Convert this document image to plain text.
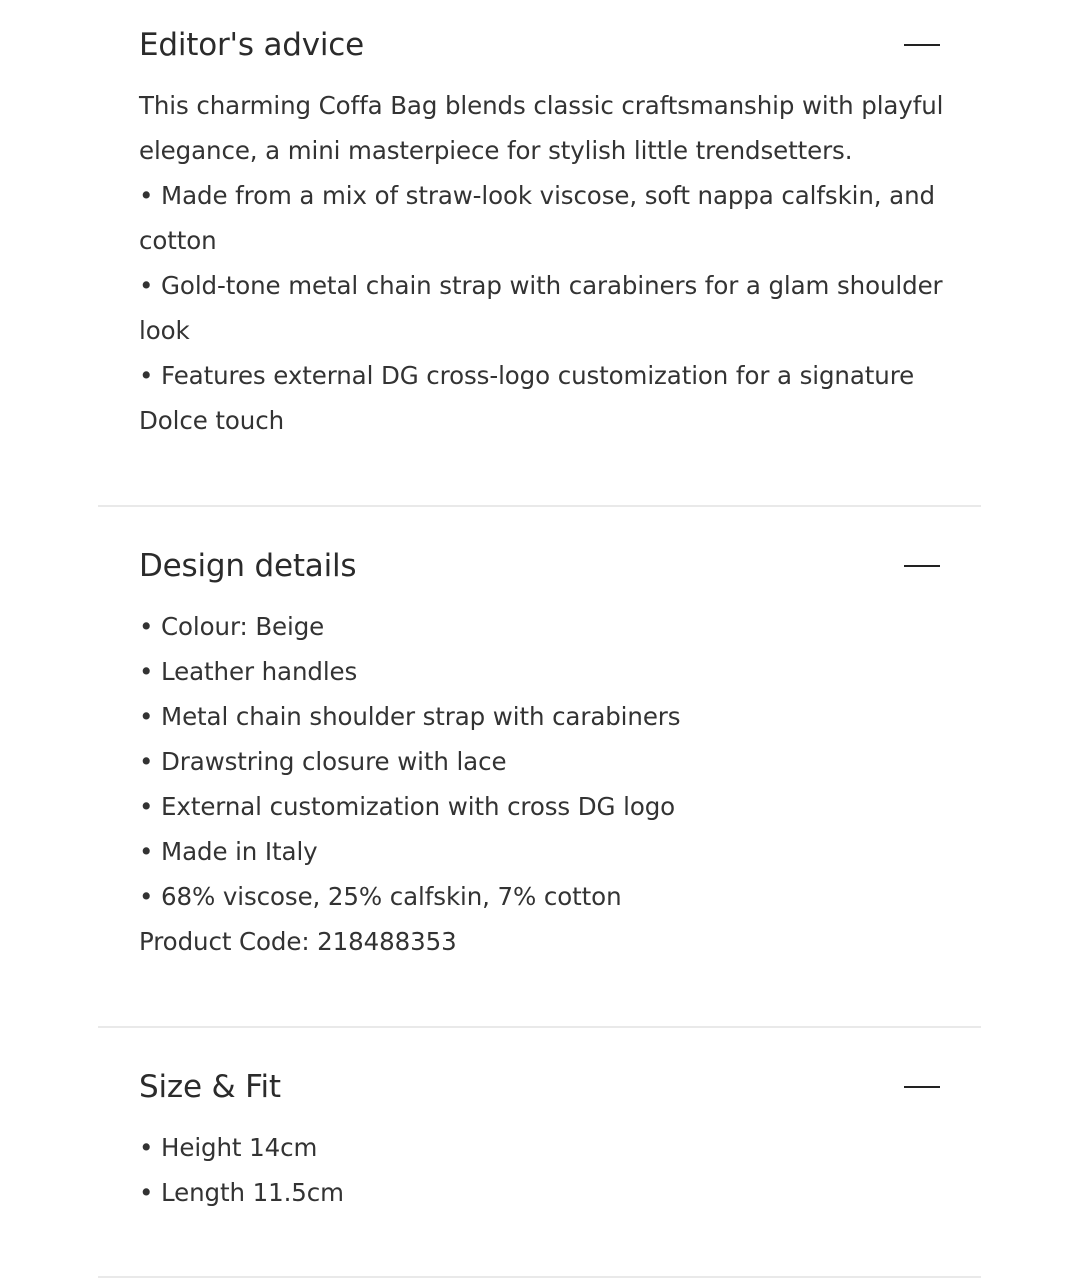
Editor's advice

This charming Coffa Bag blends classic craftsmanship with playful elegance, a mini masterpiece for stylish little trendsetters.

• Made from a mix of straw-look viscose, soft nappa calfskin, and cotton

• Gold-tone metal chain strap with carabiners for a glam shoulder look

• Features external DG cross-logo customization for a signature Dolce touch

Design details

• Colour: Beige

• Leather handles

• Metal chain shoulder strap with carabiners

• Drawstring closure with lace

• External customization with cross DG logo

• Made in Italy

• 68% viscose, 25% calfskin, 7% cotton

Product Code: 218488353

Size & Fit

• Height 14cm

• Length 11.5cm
